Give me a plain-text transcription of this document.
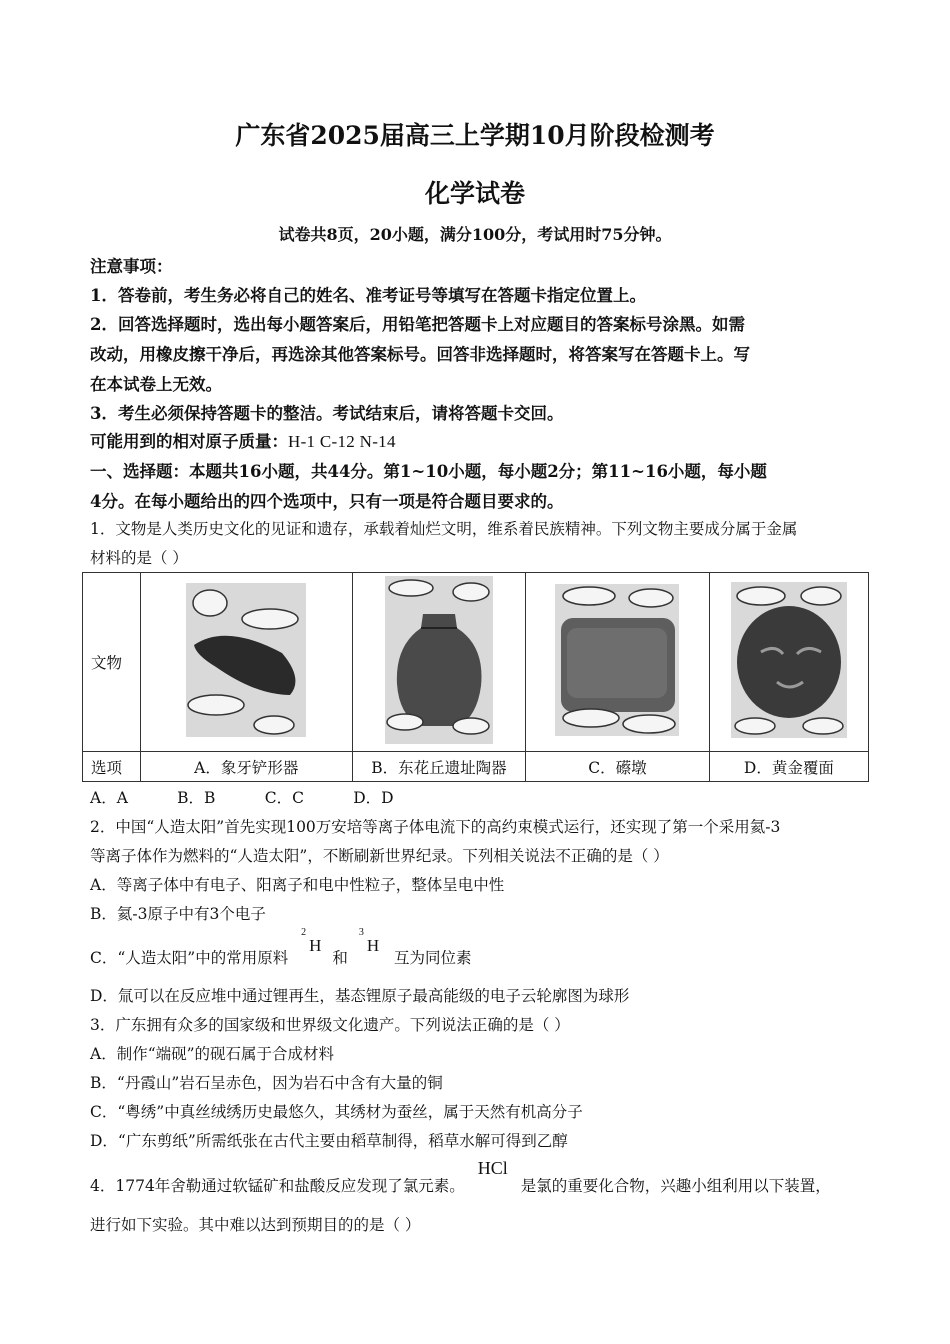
广东省2025届高三上学期10月阶段检测考
化学试卷
试卷共8页，20小题，满分100分，考试用时75分钟。
注意事项：
1．答卷前，考生务必将自己的姓名、准考证号等填写在答题卡指定位置上。
2．回答选择题时，选出每小题答案后，用铅笔把答题卡上对应题目的答案标号涂黑。如需
改动，用橡皮擦干净后，再选涂其他答案标号。回答非选择题时，将答案写在答题卡上。写
在本试卷上无效。
3．考生必须保持答题卡的整洁。考试结束后，请将答题卡交回。
可能用到的相对原子质量：H-1 C-12 N-14
一、选择题：本题共16小题，共44分。第1~10小题，每小题2分；第11~16小题，每小题
4分。在每小题给出的四个选项中，只有一项是符合题目要求的。
1．文物是人类历史文化的见证和遗存，承载着灿烂文明，维系着民族精神。下列文物主要成分属于金属
材料的是（ ）
文物				
选项	A．象牙铲形器	B．东花丘遗址陶器	C．礤墩	D．黄金覆面
A．A          B．B          C．C          D．D
2．中国“人造太阳”首先实现100万安培等离子体电流下的高约束模式运行，还实现了第一个采用氦-3
等离子体作为燃料的“人造太阳”，不断刷新世界纪录。下列相关说法不正确的是（ ）
A．等离子体中有电子、阳离子和电中性粒子，整体呈电中性
B．氦-3原子中有3个电子
C．“人造太阳”中的常用原料
2
H 和
3
H 互为同位素
D．氚可以在反应堆中通过锂再生，基态锂原子最高能级的电子云轮廓图为球形
3．广东拥有众多的国家级和世界级文化遗产。下列说法正确的是（ ）
A．制作“端砚”的砚石属于合成材料
B．“丹霞山”岩石呈赤色，因为岩石中含有大量的铜
C．“粤绣”中真丝绒绣历史最悠久，其绣材为蚕丝，属于天然有机高分子
D．“广东剪纸”所需纸张在古代主要由稻草制得，稻草水解可得到乙醇
4．1774年舍勒通过软锰矿和盐酸反应发现了氯元素。 HCl 是氯的重要化合物，兴趣小组利用以下装置，
进行如下实验。其中难以达到预期目的的是（ ）
